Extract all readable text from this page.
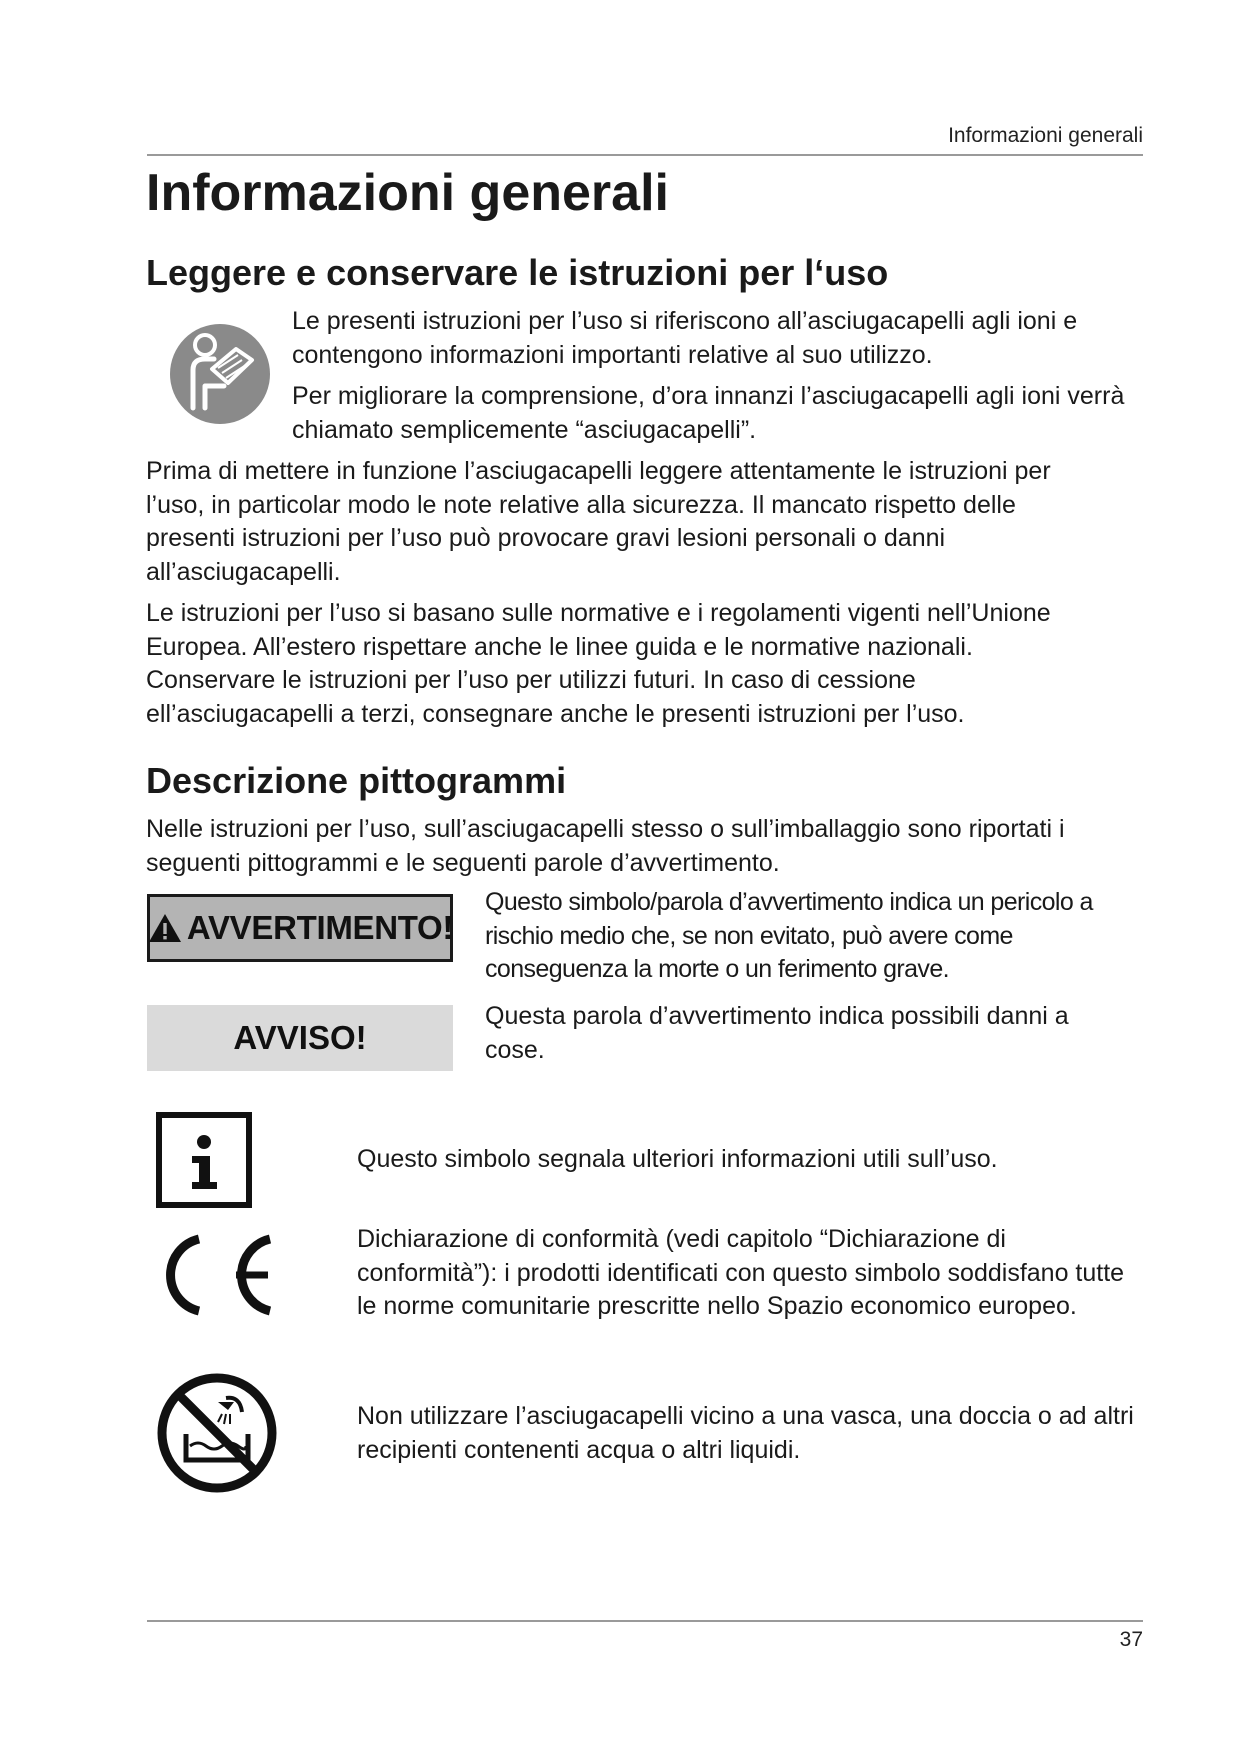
Informazioni generali
Informazioni generali
Leggere e conservare le istruzioni per l‘uso

Le presenti istruzioni per l’uso si riferiscono all’asciugacapelli agli ioni e contengono informazioni importanti relative al suo utilizzo.

Per migliorare la comprensione, d’ora innanzi l’asciugacapelli agli ioni verrà chiamato semplicemente “asciugacapelli”.

Prima di mettere in funzione l’asciugacapelli leggere attentamente le istruzioni per l’uso, in particolar modo le note relative alla sicurezza. Il mancato rispetto delle presenti istruzioni per l’uso può provocare gravi lesioni personali o danni all’asciugacapelli.

Le istruzioni per l’uso si basano sulle normative e i regolamenti vigenti nell’Unione Europea. All’estero rispettare anche le linee guida e le normative nazionali. Conservare le istruzioni per l’uso per utilizzi futuri. In caso di cessione ell’asciugacapelli a terzi, consegnare anche le presenti istruzioni per l’uso.

Descrizione pittogrammi

Nelle istruzioni per l’uso, sull’asciugacapelli stesso o sull’imballaggio sono riportati i seguenti pittogrammi e le seguenti parole d’avvertimento.

AVVERTIMENTO!

Questo simbolo/parola d’avvertimento indica un pericolo a rischio medio che, se non evitato, può avere come conseguenza la morte o un ferimento grave.

AVVISO!

Questa parola d’avvertimento indica possibili danni a cose.

Questo simbolo segnala ulteriori informazioni utili sull’uso.

Dichiarazione di conformità (vedi capitolo “Dichiarazione di conformità”): i prodotti identificati con questo simbolo soddisfano tutte le norme comunitarie prescritte nello Spazio economico europeo.

Non utilizzare l’asciugacapelli vicino a una vasca, una doccia o ad altri recipienti contenenti acqua o altri liquidi.

37
